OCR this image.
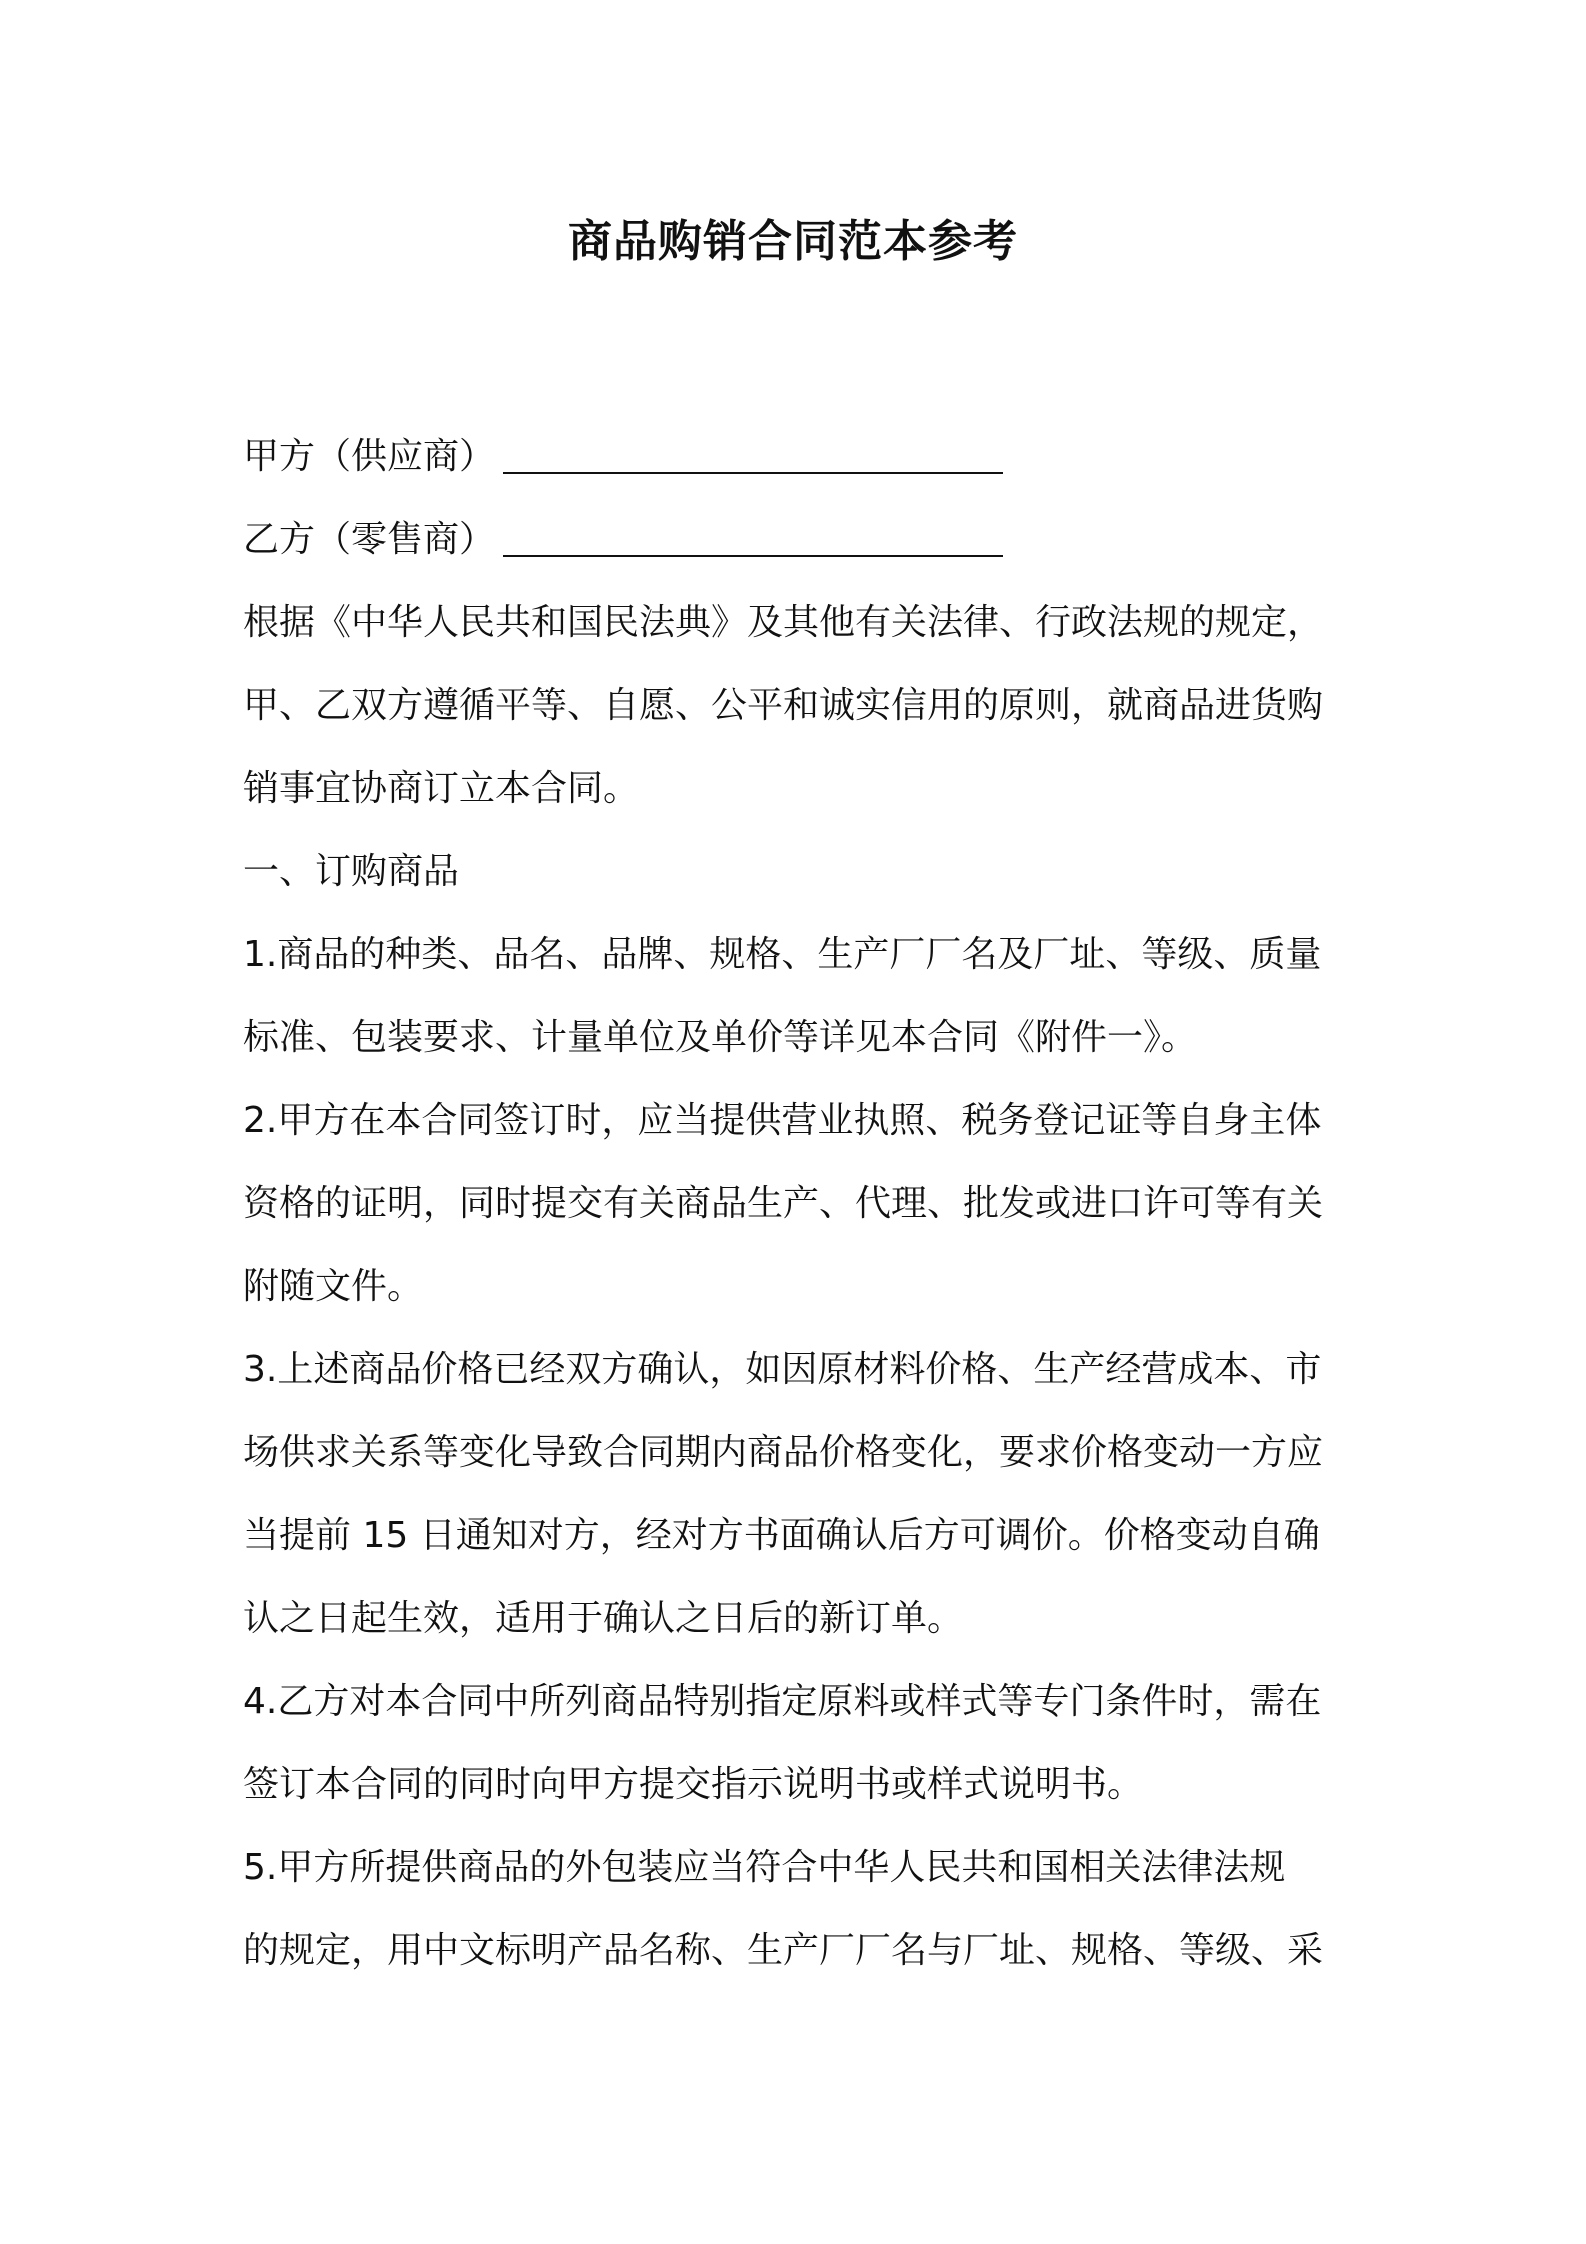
商品购销合同范本参考
甲方（供应商）
乙方（零售商）
根据《中华人民共和国民法典》及其他有关法律、行政法规的规定，
甲、乙双方遵循平等、自愿、公平和诚实信用的原则，就商品进货购
销事宜协商订立本合同。
一、订购商品
1.商品的种类、品名、品牌、规格、生产厂厂名及厂址、等级、质量
标准、包装要求、计量单位及单价等详见本合同《附件一》。
2.甲方在本合同签订时，应当提供营业执照、税务登记证等自身主体
资格的证明，同时提交有关商品生产、代理、批发或进口许可等有关
附随文件。
3.上述商品价格已经双方确认，如因原材料价格、生产经营成本、市
场供求关系等变化导致合同期内商品价格变化，要求价格变动一方应
当提前 15 日通知对方，经对方书面确认后方可调价。价格变动自确
认之日起生效，适用于确认之日后的新订单。
4.乙方对本合同中所列商品特别指定原料或样式等专门条件时，需在
签订本合同的同时向甲方提交指示说明书或样式说明书。
5.甲方所提供商品的外包装应当符合中华人民共和国相关法律法规
的规定，用中文标明产品名称、生产厂厂名与厂址、规格、等级、采
